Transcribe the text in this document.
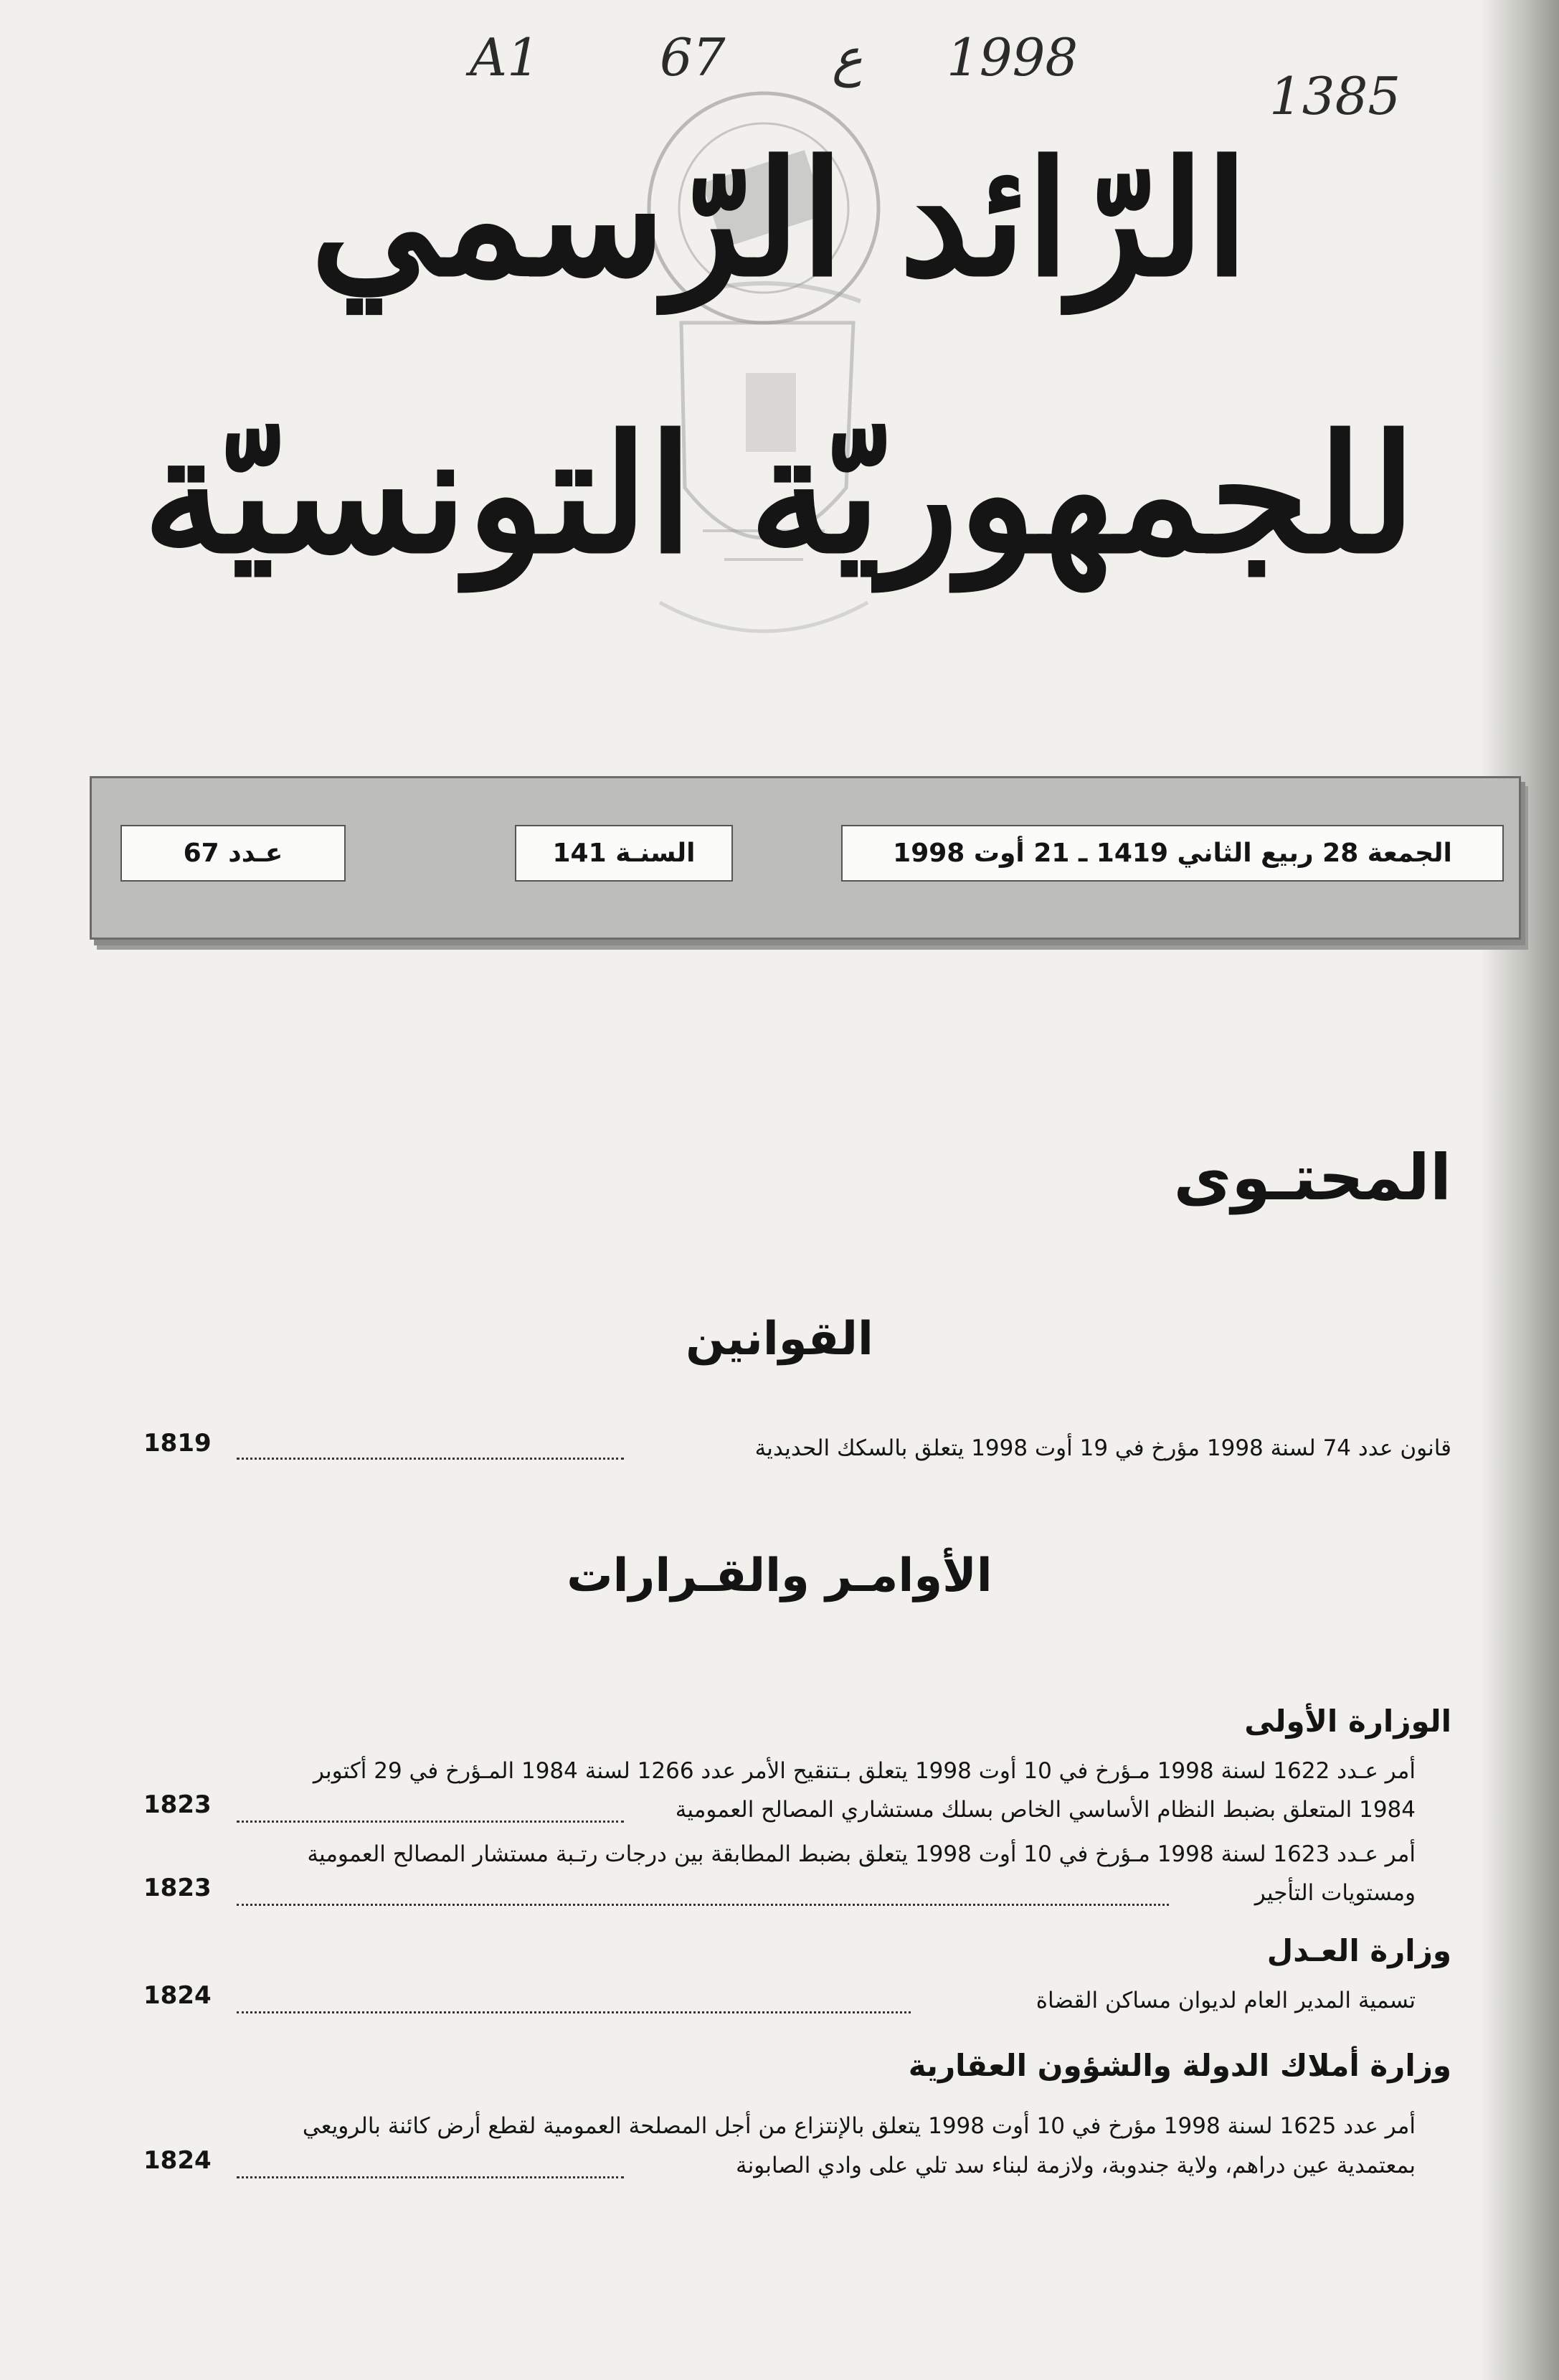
A1 67 ع 1998
1385
الرّائد الرّسمي
للجمهوريّة التونسيّة
عـدد 67	السنـة 141	الجمعة 28 ربيع الثاني 1419 ـ 21 أوت 1998
المحتـوى
القوانين
قانون عدد 74 لسنة 1998 مؤرخ في 19 أوت 1998 يتعلق بالسكك الحديدية
1819
الأوامـر والقـرارات
الوزارة الأولى
أمر عـدد 1622 لسنة 1998 مـؤرخ في 10 أوت 1998 يتعلق بـتنقيح الأمر عدد 1266 لسنة 1984 المـؤرخ في 29 أكتوبر
1984 المتعلق بضبط النظام الأساسي الخاص بسلك مستشاري المصالح العمومية
1823
أمر عـدد 1623 لسنة 1998 مـؤرخ في 10 أوت 1998 يتعلق بضبط المطابقة بين درجات رتـبة مستشار المصالح العمومية
ومستويات التأجير
1823
وزارة العـدل
تسمية المدير العام لديوان مساكن القضاة
1824
وزارة أملاك الدولة والشؤون العقارية
أمر عدد 1625 لسنة 1998 مؤرخ في 10 أوت 1998 يتعلق بالإنتزاع من أجل المصلحة العمومية لقطع أرض كائنة بالرويعي
بمعتمدية عين دراهم، ولاية جندوبة، ولازمة لبناء سد تلي على وادي الصابونة
1824
